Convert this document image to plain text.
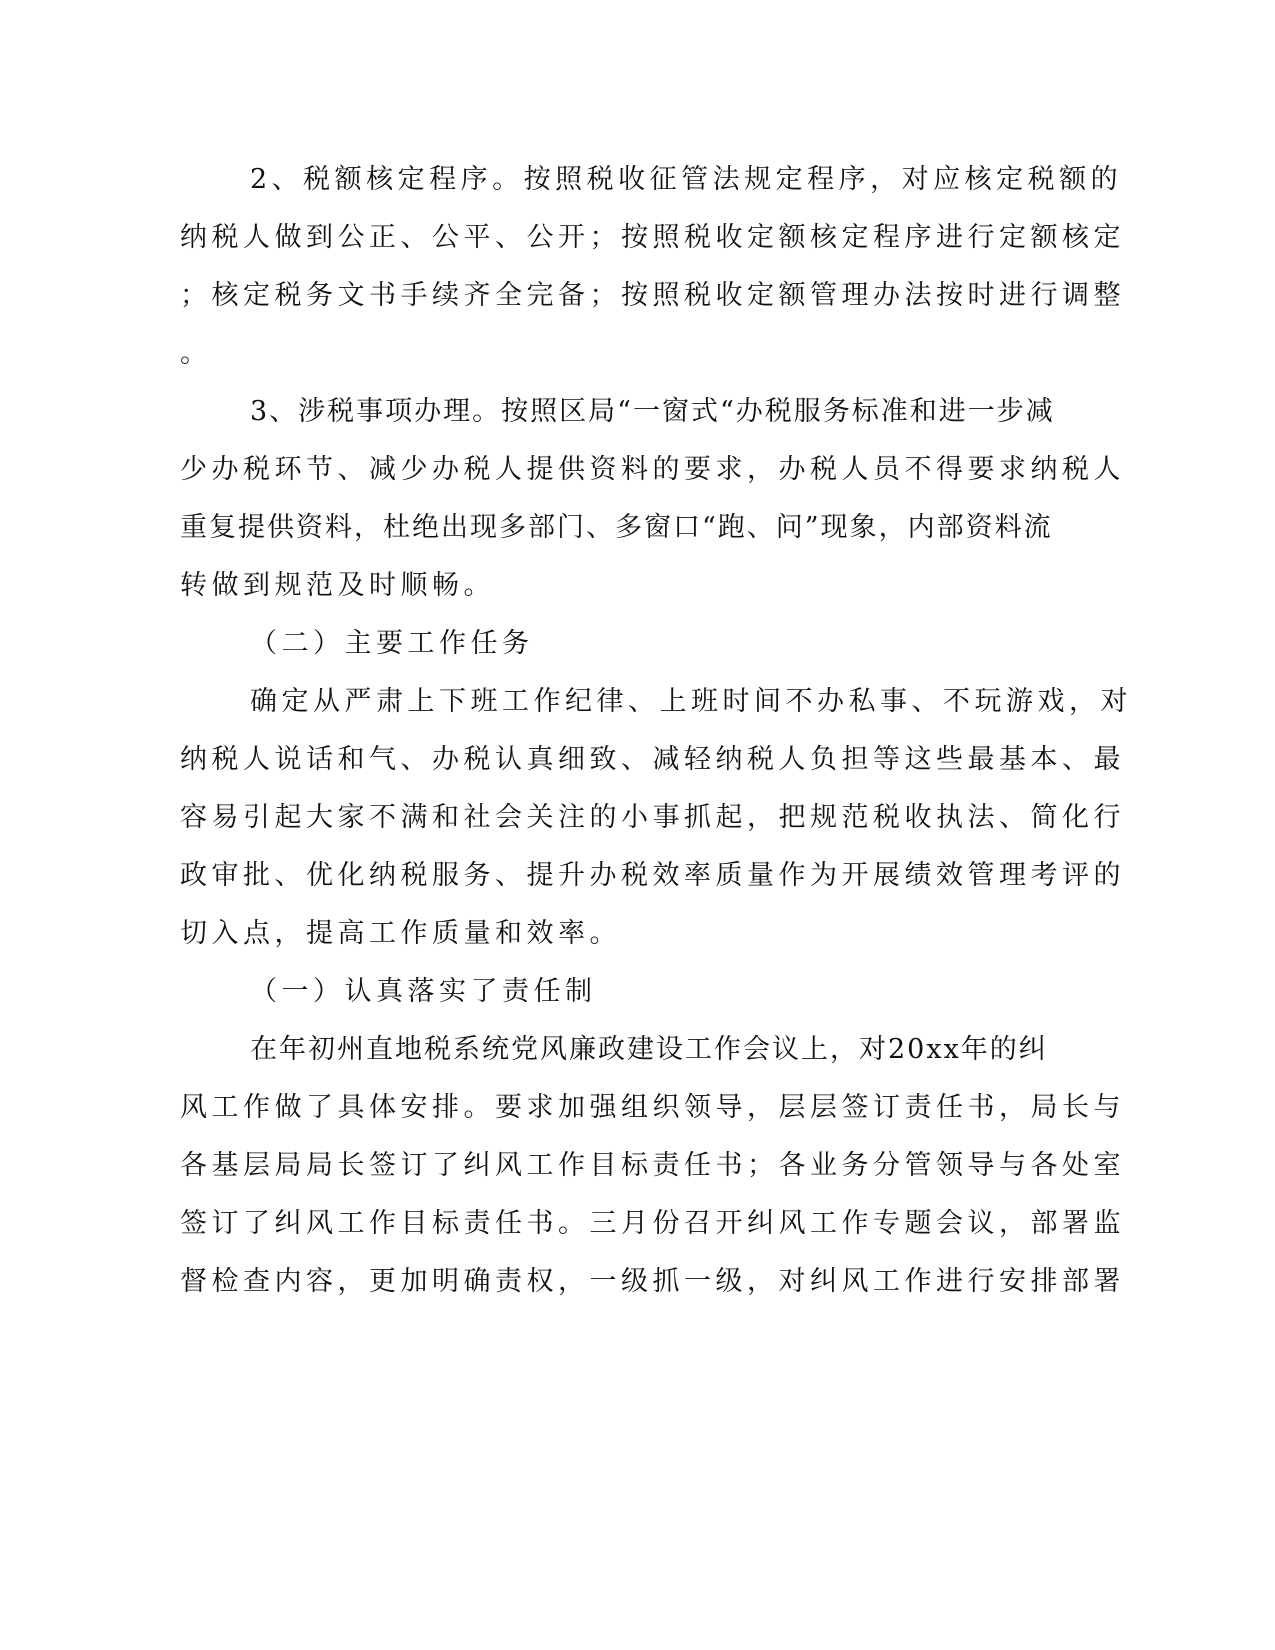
2、税额核定程序。按照税收征管法规定程序，对应核定税额的
纳税人做到公正、公平、公开；按照税收定额核定程序进行定额核定
；核定税务文书手续齐全完备；按照税收定额管理办法按时进行调整
。
3、涉税事项办理。按照区局“一窗式“办税服务标准和进一步减
少办税环节、减少办税人提供资料的要求，办税人员不得要求纳税人
重复提供资料，杜绝出现多部门、多窗口“跑、问”现象，内部资料流
转做到规范及时顺畅。
（二）主要工作任务
确定从严肃上下班工作纪律、上班时间不办私事、不玩游戏，对
纳税人说话和气、办税认真细致、减轻纳税人负担等这些最基本、最
容易引起大家不满和社会关注的小事抓起，把规范税收执法、简化行
政审批、优化纳税服务、提升办税效率质量作为开展绩效管理考评的
切入点，提高工作质量和效率。
（一）认真落实了责任制
在年初州直地税系统党风廉政建设工作会议上，对20xx年的纠
风工作做了具体安排。要求加强组织领导，层层签订责任书，局长与
各基层局局长签订了纠风工作目标责任书；各业务分管领导与各处室
签订了纠风工作目标责任书。三月份召开纠风工作专题会议，部署监
督检查内容，更加明确责权，一级抓一级，对纠风工作进行安排部署
